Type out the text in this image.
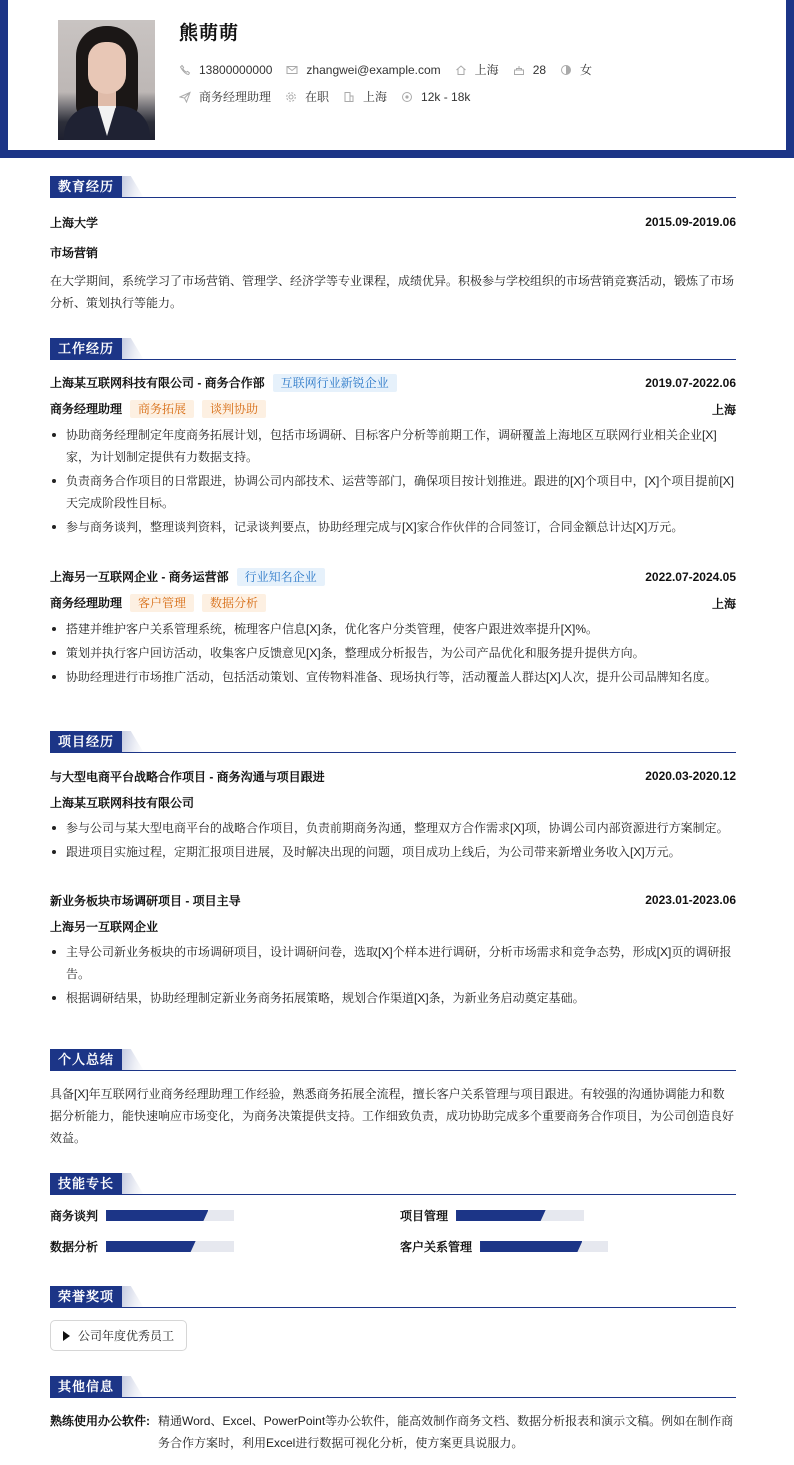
熊萌萌
13800000000	zhangwei@example.com	上海	28	女
商务经理助理	在职	上海	12k - 18k
教育经历
上海大学	2015.09-2019.06
市场营销
在大学期间，系统学习了市场营销、管理学、经济学等专业课程，成绩优异。积极参与学校组织的市场营销竞赛活动，锻炼了市场分析、策划执行等能力。
工作经历
上海某互联网科技有限公司 - 商务合作部 互联网行业新锐企业	2019.07-2022.06
商务经理助理 商务拓展 谈判协助	上海
协助商务经理制定年度商务拓展计划，包括市场调研、目标客户分析等前期工作，调研覆盖上海地区互联网行业相关企业[X]家，为计划制定提供有力数据支持。
负责商务合作项目的日常跟进，协调公司内部技术、运营等部门，确保项目按计划推进。跟进的[X]个项目中，[X]个项目提前[X]天完成阶段性目标。
参与商务谈判，整理谈判资料，记录谈判要点，协助经理完成与[X]家合作伙伴的合同签订，合同金额总计达[X]万元。
上海另一互联网企业 - 商务运营部 行业知名企业	2022.07-2024.05
商务经理助理 客户管理 数据分析	上海
搭建并维护客户关系管理系统，梳理客户信息[X]条，优化客户分类管理，使客户跟进效率提升[X]%。
策划并执行客户回访活动，收集客户反馈意见[X]条，整理成分析报告，为公司产品优化和服务提升提供方向。
协助经理进行市场推广活动，包括活动策划、宣传物料准备、现场执行等，活动覆盖人群达[X]人次，提升公司品牌知名度。
项目经历
与大型电商平台战略合作项目 - 商务沟通与项目跟进	2020.03-2020.12
上海某互联网科技有限公司
参与公司与某大型电商平台的战略合作项目，负责前期商务沟通，整理双方合作需求[X]项，协调公司内部资源进行方案制定。
跟进项目实施过程，定期汇报项目进展，及时解决出现的问题，项目成功上线后，为公司带来新增业务收入[X]万元。
新业务板块市场调研项目 - 项目主导	2023.01-2023.06
上海另一互联网企业
主导公司新业务板块的市场调研项目，设计调研问卷，选取[X]个样本进行调研，分析市场需求和竞争态势，形成[X]页的调研报告。
根据调研结果，协助经理制定新业务商务拓展策略，规划合作渠道[X]条，为新业务启动奠定基础。
个人总结
具备[X]年互联网行业商务经理助理工作经验，熟悉商务拓展全流程，擅长客户关系管理与项目跟进。有较强的沟通协调能力和数据分析能力，能快速响应市场变化，为商务决策提供支持。工作细致负责，成功协助完成多个重要商务合作项目，为公司创造良好效益。
技能专长
商务谈判	项目管理
数据分析	客户关系管理
荣誉奖项
公司年度优秀员工
其他信息
熟练使用办公软件: 精通Word、Excel、PowerPoint等办公软件，能高效制作商务文档、数据分析报表和演示文稿。例如在制作商务合作方案时，利用Excel进行数据可视化分析，使方案更具说服力。
